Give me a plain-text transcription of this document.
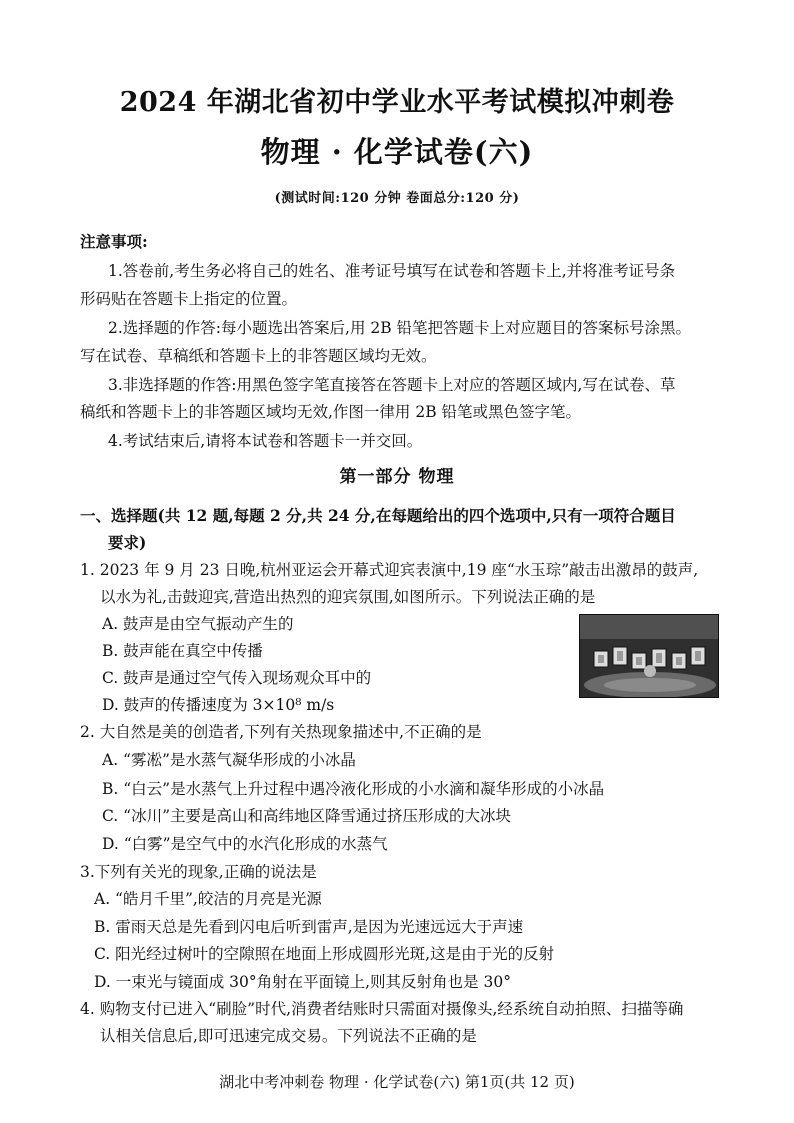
2024 年湖北省初中学业水平考试模拟冲刺卷
物理 · 化学试卷(六)
(测试时间:120 分钟 卷面总分:120 分)
注意事项:
1.答卷前,考生务必将自己的姓名、准考证号填写在试卷和答题卡上,并将准考证号条
形码贴在答题卡上指定的位置。
2.选择题的作答:每小题选出答案后,用 2B 铅笔把答题卡上对应题目的答案标号涂黑。
写在试卷、草稿纸和答题卡上的非答题区域均无效。
3.非选择题的作答:用黑色签字笔直接答在答题卡上对应的答题区域内,写在试卷、草
稿纸和答题卡上的非答题区域均无效,作图一律用 2B 铅笔或黑色签字笔。
4.考试结束后,请将本试卷和答题卡一并交回。
第一部分 物理
一、选择题(共 12 题,每题 2 分,共 24 分,在每题给出的四个选项中,只有一项符合题目
要求)
1. 2023 年 9 月 23 日晚,杭州亚运会开幕式迎宾表演中,19 座“水玉琮”敲击出激昂的鼓声,
以水为礼,击鼓迎宾,营造出热烈的迎宾氛围,如图所示。下列说法正确的是
A. 鼓声是由空气振动产生的
B. 鼓声能在真空中传播
C. 鼓声是通过空气传入现场观众耳中的
D. 鼓声的传播速度为 3×10⁸ m/s
2. 大自然是美的创造者,下列有关热现象描述中,不正确的是
A. “雾凇”是水蒸气凝华形成的小冰晶
B. “白云”是水蒸气上升过程中遇冷液化形成的小水滴和凝华形成的小冰晶
C. “冰川”主要是高山和高纬地区降雪通过挤压形成的大冰块
D. “白雾”是空气中的水汽化形成的水蒸气
3.下列有关光的现象,正确的说法是
A. “皓月千里”,皎洁的月亮是光源
B. 雷雨天总是先看到闪电后听到雷声,是因为光速远远大于声速
C. 阳光经过树叶的空隙照在地面上形成圆形光斑,这是由于光的反射
D. 一束光与镜面成 30°角射在平面镜上,则其反射角也是 30°
4. 购物支付已进入“刷脸”时代,消费者结账时只需面对摄像头,经系统自动拍照、扫描等确
认相关信息后,即可迅速完成交易。下列说法不正确的是
湖北中考冲刺卷 物理 · 化学试卷(六) 第1页(共 12 页)
